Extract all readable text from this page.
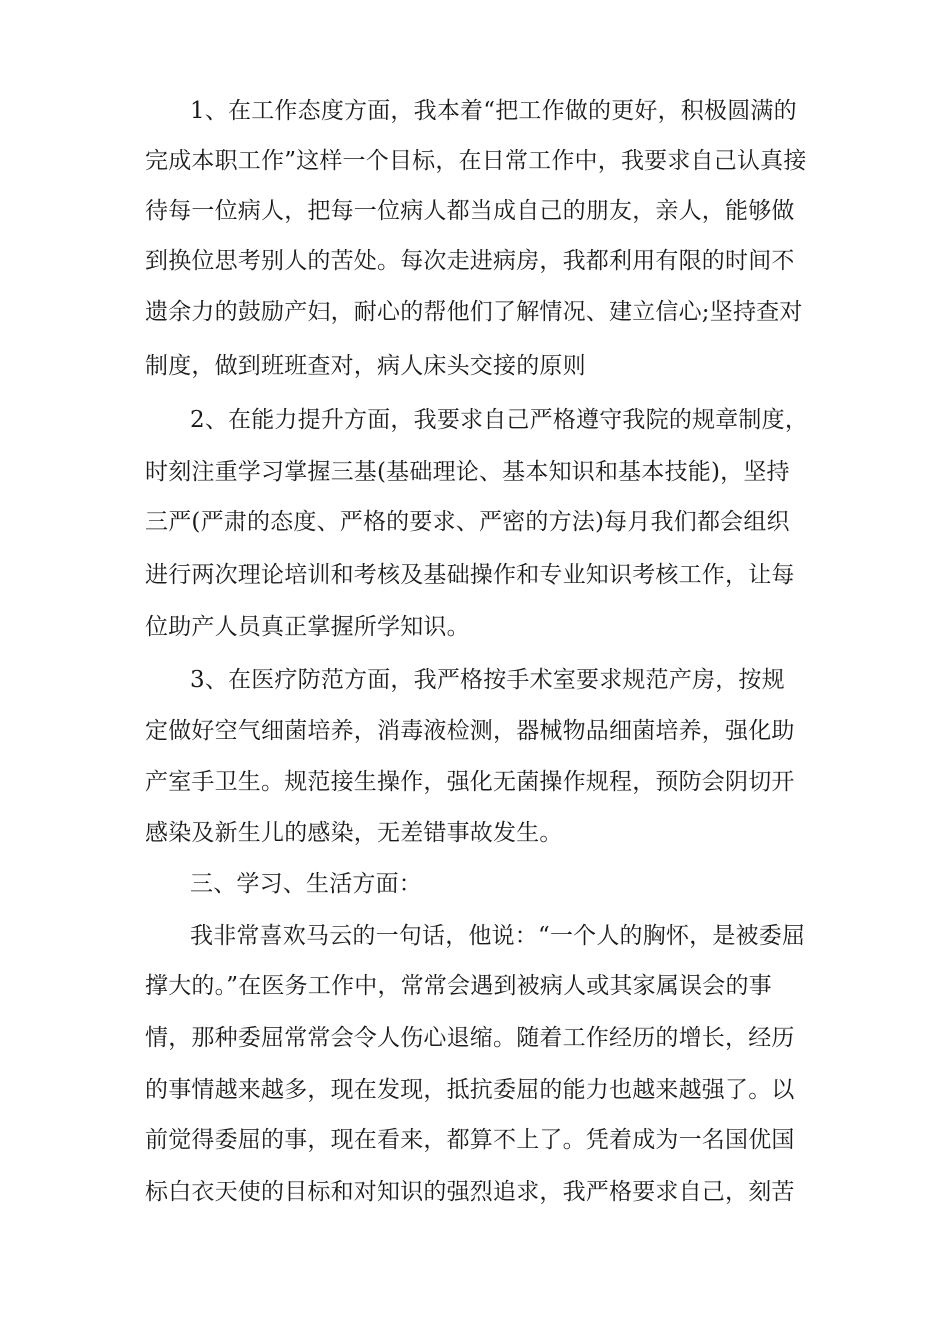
1、在工作态度方面，我本着“把工作做的更好，积极圆满的
完成本职工作”这样一个目标，在日常工作中，我要求自己认真接
待每一位病人，把每一位病人都当成自己的朋友，亲人，能够做
到换位思考别人的苦处。每次走进病房，我都利用有限的时间不
遗余力的鼓励产妇，耐心的帮他们了解情况、建立信心;坚持查对
制度，做到班班查对，病人床头交接的原则
2、在能力提升方面，我要求自己严格遵守我院的规章制度，
时刻注重学习掌握三基(基础理论、基本知识和基本技能)，坚持
三严(严肃的态度、严格的要求、严密的方法)每月我们都会组织
进行两次理论培训和考核及基础操作和专业知识考核工作，让每
位助产人员真正掌握所学知识。
3、在医疗防范方面，我严格按手术室要求规范产房，按规
定做好空气细菌培养，消毒液检测，器械物品细菌培养，强化助
产室手卫生。规范接生操作，强化无菌操作规程，预防会阴切开
感染及新生儿的感染，无差错事故发生。
三、学习、生活方面：
我非常喜欢马云的一句话，他说：“一个人的胸怀，是被委屈
撑大的。”在医务工作中，常常会遇到被病人或其家属误会的事
情，那种委屈常常会令人伤心退缩。随着工作经历的增长，经历
的事情越来越多，现在发现，抵抗委屈的能力也越来越强了。以
前觉得委屈的事，现在看来，都算不上了。凭着成为一名国优国
标白衣天使的目标和对知识的强烈追求，我严格要求自己，刻苦
